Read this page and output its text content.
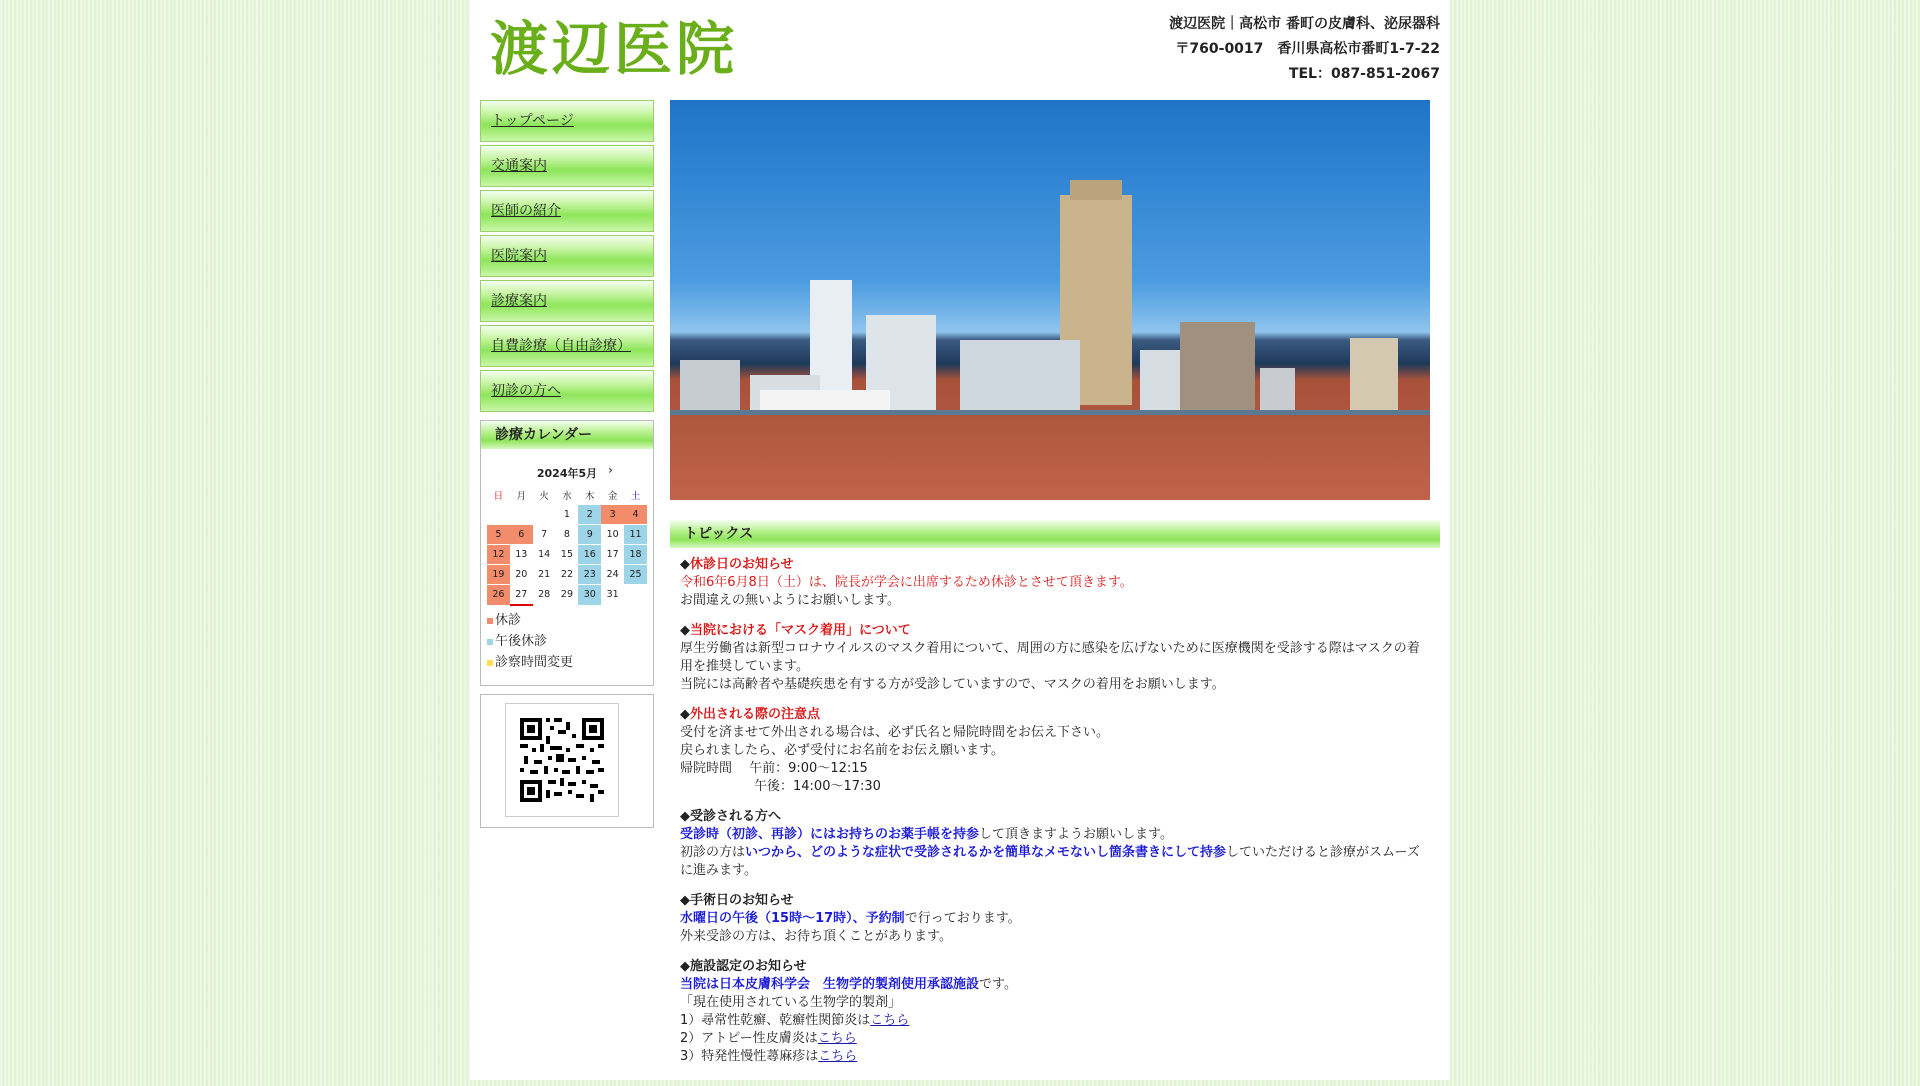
渡辺医院	渡辺医院｜高松市 番町の皮膚科、泌尿器科
〒760-0017　香川県高松市番町1-7-22
TEL：087-851-2067
トップページ
交通案内
医師の紹介
医院案内
診療案内
自費診療（自由診療）
初診の方へ
診療カレンダー
2024年5月 ›
日	月	火	水	木	金	土
			1	2	3	4
5	6	7	8	9	10	11
12	13	14	15	16	17	18
19	20	21	22	23	24	25
26	27	28	29	30	31	
休診
午後休診
診察時間変更
トピックス

◆休診日のお知らせ
令和6年6月8日（土）は、院長が学会に出席するため休診とさせて頂きます。
お間違えの無いようにお願いします。

◆当院における「マスク着用」について
厚生労働省は新型コロナウイルスのマスク着用について、周囲の方に感染を広げないために医療機関を受診する際はマスクの着用を推奨しています。
当院には高齢者や基礎疾患を有する方が受診していますので、マスクの着用をお願いします。

◆外出される際の注意点
受付を済ませて外出される場合は、必ず氏名と帰院時間をお伝え下さい。
戻られましたら、必ず受付にお名前をお伝え願います。
帰院時間　 午前：9:00～12:15
午後：14:00～17:30

◆受診される方へ
受診時（初診、再診）にはお持ちのお薬手帳を持参して頂きますようお願いします。
初診の方はいつから、どのような症状で受診されるかを簡単なメモないし箇条書きにして持参していただけると診療がスムーズに進みます。

◆手術日のお知らせ
水曜日の午後（15時～17時）、予約制で行っております。
外来受診の方は、お待ち頂くことがあります。

◆施設認定のお知らせ
当院は日本皮膚科学会　生物学的製剤使用承認施設です。
「現在使用されている生物学的製剤」
1）尋常性乾癬、乾癬性関節炎はこちら
2）アトピー性皮膚炎はこちら
3）特発性慢性蕁麻疹はこちら
